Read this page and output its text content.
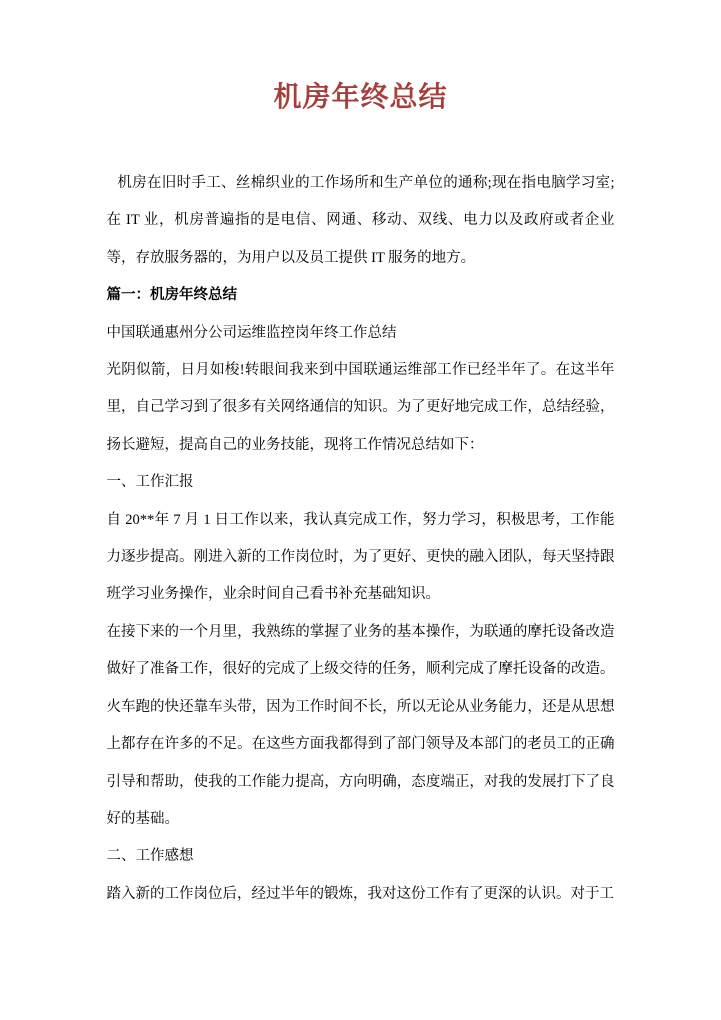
机房年终总结

机房在旧时手工、丝棉织业的工作场所和生产单位的通称;现在指电脑学习室;在 IT 业，机房普遍指的是电信、网通、移动、双线、电力以及政府或者企业等，存放服务器的，为用户以及员工提供 IT 服务的地方。

篇一：机房年终总结

中国联通惠州分公司运维监控岗年终工作总结

光阴似箭，日月如梭!转眼间我来到中国联通运维部工作已经半年了。在这半年里，自己学习到了很多有关网络通信的知识。为了更好地完成工作，总结经验，扬长避短，提高自己的业务技能，现将工作情况总结如下：

一、工作汇报

自 20**年 7 月 1 日工作以来，我认真完成工作，努力学习，积极思考，工作能力逐步提高。刚进入新的工作岗位时，为了更好、更快的融入团队，每天坚持跟班学习业务操作，业余时间自己看书补充基础知识。

在接下来的一个月里，我熟练的掌握了业务的基本操作，为联通的摩托设备改造做好了准备工作，很好的完成了上级交待的任务，顺利完成了摩托设备的改造。火车跑的快还靠车头带，因为工作时间不长，所以无论从业务能力，还是从思想上都存在许多的不足。在这些方面我都得到了部门领导及本部门的老员工的正确引导和帮助，使我的工作能力提高，方向明确，态度端正，对我的发展打下了良好的基础。

二、工作感想

踏入新的工作岗位后，经过半年的锻炼，我对这份工作有了更深的认识。对于工
